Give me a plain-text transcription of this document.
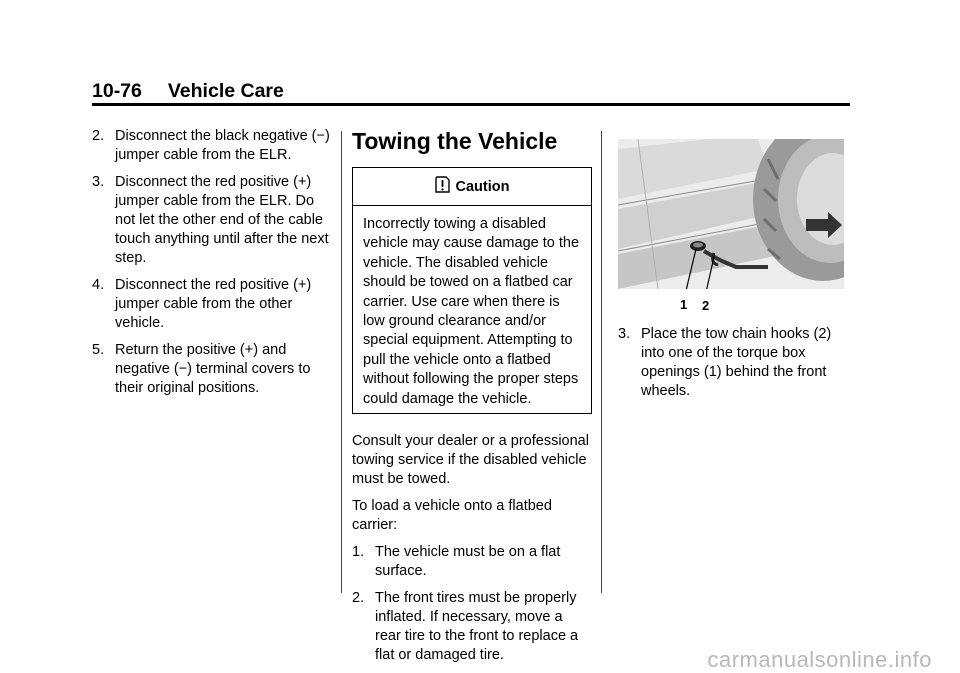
10-76 Vehicle Care
2. Disconnect the black negative (−) jumper cable from the ELR.
3. Disconnect the red positive (+) jumper cable from the ELR. Do not let the other end of the cable touch anything until after the next step.
4. Disconnect the red positive (+) jumper cable from the other vehicle.
5. Return the positive (+) and negative (−) terminal covers to their original positions.
Towing the Vehicle
Caution
Incorrectly towing a disabled vehicle may cause damage to the vehicle. The disabled vehicle should be towed on a flatbed car carrier. Use care when there is low ground clearance and/or special equipment. Attempting to pull the vehicle onto a flatbed without following the proper steps could damage the vehicle.

Consult your dealer or a professional towing service if the disabled vehicle must be towed.

To load a vehicle onto a flatbed carrier:

1. The vehicle must be on a flat surface.
2. The front tires must be properly inflated. If necessary, move a rear tire to the front to replace a flat or damaged tire.
1 2
3. Place the tow chain hooks (2) into one of the torque box openings (1) behind the front wheels.
carmanualsonline.info
